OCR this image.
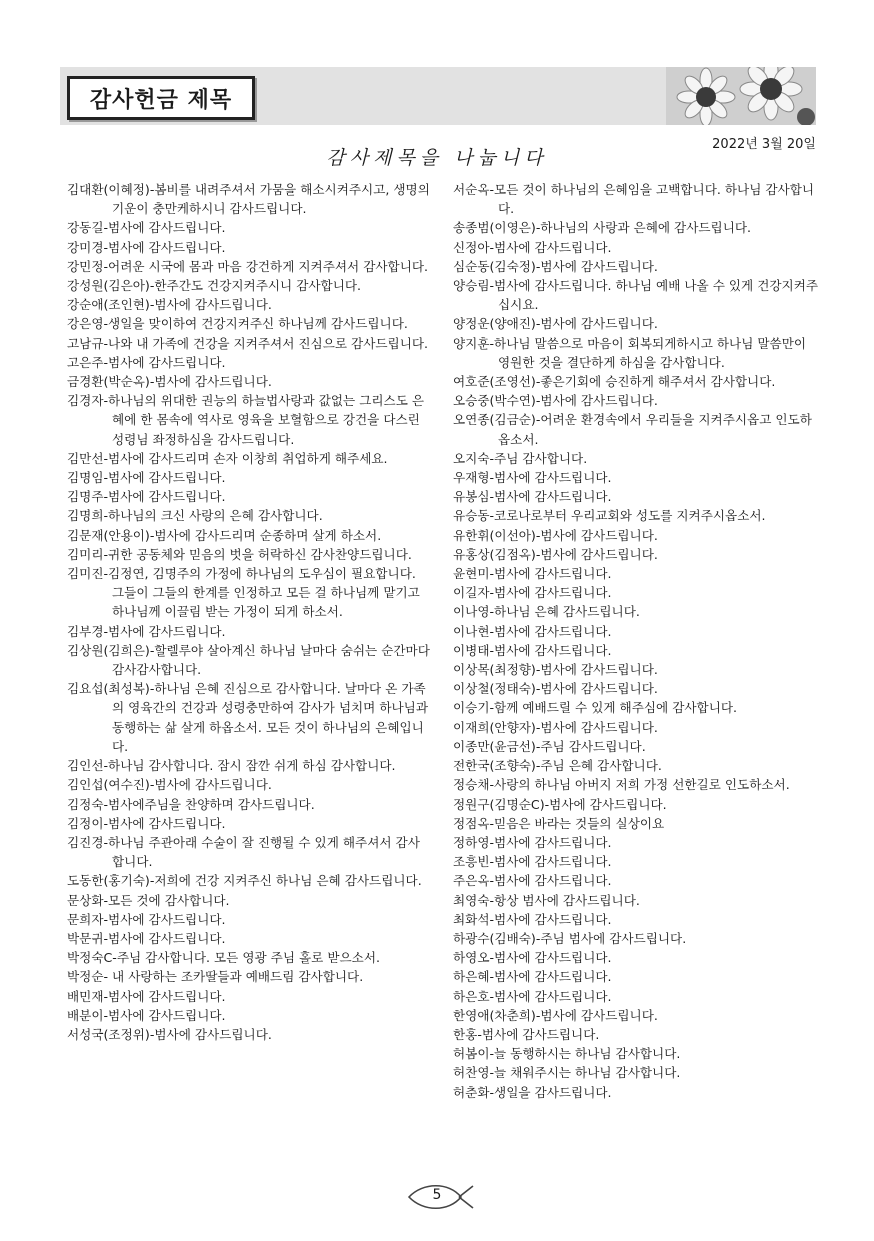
감사헌금 제목
2022년 3월 20일
감사제목을 나눕니다
김대환(이혜정)-봄비를 내려주셔서 가뭄을 해소시켜주시고, 생명의 기운이 충만케하시니 감사드립니다.
강동길-범사에 감사드립니다.
강미경-범사에 감사드립니다.
강민정-어려운 시국에 몸과 마음 강건하게 지켜주셔서 감사합니다.
강성원(김은아)-한주간도 건강지켜주시니 감사합니다.
강순애(조인현)-범사에 감사드립니다.
강은영-생일을 맞이하여 건강지켜주신 하나님께 감사드립니다.
고남규-나와 내 가족에 건강을 지켜주셔서 진심으로 감사드립니다.
고은주-범사에 감사드립니다.
금경환(박순옥)-범사에 감사드립니다.
김경자-하나님의 위대한 권능의 하늘법사랑과 값없는 그리스도 은혜에 한 몸속에 역사로 영육을 보혈함으로 강건을 다스린 성령님 좌정하심을 감사드립니다.
김만선-범사에 감사드리며 손자 이창희 취업하게 해주세요.
김명임-범사에 감사드립니다.
김명주-범사에 감사드립니다.
김명희-하나님의 크신 사랑의 은혜 감사합니다.
김문재(안용이)-범사에 감사드리며 순종하며 살게 하소서.
김미리-귀한 공동체와 믿음의 벗을 허락하신 감사찬양드립니다.
김미진-김정연, 김명주의 가정에 하나님의 도우심이 필요합니다. 그들이 그들의 한계를 인정하고 모든 걸 하나님께 맡기고 하나님께 이끌림 받는 가정이 되게 하소서.
김부경-범사에 감사드립니다.
김상원(김희은)-할렐루야 살아계신 하나님 날마다 숨쉬는 순간마다 감사감사합니다.
김요섭(최성복)-하나님 은혜 진심으로 감사합니다. 날마다 온 가족의 영육간의 건강과 성령충만하여 감사가 넘치며 하나님과 동행하는 삶 살게 하옵소서. 모든 것이 하나님의 은혜입니다.
김인선-하나님 감사합니다. 잠시 잠깐 쉬게 하심 감사합니다.
김인섭(여수진)-범사에 감사드립니다.
김정숙-범사에주님을 찬양하며 감사드립니다.
김정이-범사에 감사드립니다.
김진경-하나님 주관아래 수술이 잘 진행될 수 있게 해주셔서 감사합니다.
도동한(홍기숙)-저희에 건강 지켜주신 하나님 은혜 감사드립니다.
문상화-모든 것에 감사합니다.
문희자-범사에 감사드립니다.
박문귀-범사에 감사드립니다.
박정숙C-주님 감사합니다. 모든 영광 주님 홀로 받으소서.
박정순- 내 사랑하는 조카딸들과 예배드림 감사합니다.
배민재-범사에 감사드립니다.
배분이-범사에 감사드립니다.
서성국(조정위)-범사에 감사드립니다.
서순옥-모든 것이 하나님의 은혜임을 고백합니다. 하나님 감사합니다.
송종범(이영은)-하나님의 사랑과 은혜에 감사드립니다.
신정아-범사에 감사드립니다.
심순동(김숙정)-범사에 감사드립니다.
양승림-범사에 감사드립니다. 하나님 예배 나올 수 있게 건강지켜주십시요.
양정운(양애진)-범사에 감사드립니다.
양지훈-하나님 말씀으로 마음이 회복되게하시고 하나님 말씀만이 영원한 것을 결단하게 하심을 감사합니다.
여호준(조영선)-좋은기회에 승진하게 해주셔서 감사합니다.
오승중(박수연)-범사에 감사드립니다.
오연종(김금순)-어려운 환경속에서 우리들을 지켜주시옵고 인도하옵소서.
오지숙-주님 감사합니다.
우재형-범사에 감사드립니다.
유봉심-범사에 감사드립니다.
유승동-코로나로부터 우리교회와 성도를 지켜주시옵소서.
유한휘(이선아)-범사에 감사드립니다.
유홍상(김점옥)-범사에 감사드립니다.
윤현미-범사에 감사드립니다.
이길자-범사에 감사드립니다.
이나영-하나님 은혜 감사드립니다.
이나현-범사에 감사드립니다.
이병태-범사에 감사드립니다.
이상목(최정향)-범사에 감사드립니다.
이상철(정태숙)-범사에 감사드립니다.
이승기-함께 예배드릴 수 있게 해주심에 감사합니다.
이재희(안향자)-범사에 감사드립니다.
이종만(윤금선)-주님 감사드립니다.
전한국(조향숙)-주님 은혜 감사합니다.
정승채-사랑의 하나님 아버지 저희 가정 선한길로 인도하소서.
정원구(김명순C)-범사에 감사드립니다.
정점옥-믿음은 바라는 것들의 실상이요
정하영-범사에 감사드립니다.
조흥빈-범사에 감사드립니다.
주은옥-범사에 감사드립니다.
최영숙-항상 범사에 감사드립니다.
최화석-범사에 감사드립니다.
하광수(김배숙)-주님 범사에 감사드립니다.
하영오-범사에 감사드립니다.
하은혜-범사에 감사드립니다.
하은호-범사에 감사드립니다.
한영애(차춘희)-범사에 감사드립니다.
한홍-범사에 감사드립니다.
허봄이-늘 동행하시는 하나님 감사합니다.
허찬영-늘 채워주시는 하나님 감사합니다.
허춘화-생일을 감사드립니다.
5
